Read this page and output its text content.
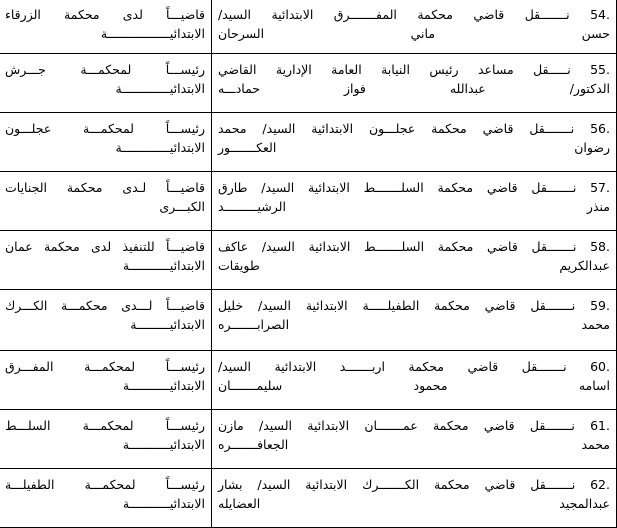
.54 نـــــــقل قاضي محكمة المفـــــــرق الابتدائية السيد/
حسن ماني السرحان	قاضيـــاً لدى محكمة الزرقاء
الابتدائيـــــــــــــــــة

.55 نـــــقل مساعد رئيس النيابة العامة الإدارية القاضي
الدكتور/ عبدالله فواز حمادـــه	رئيســـاً لمحكمـــة جـــرش
الابتدائيـــــــــــــة

.56 نـــــــقل قاضي محكمة عجلـــون الابتدائية السيد/ محمد
رضوان العكـــــــور	رئيســـاً لمحكمـــة عجلـــون
الابتدائيـــــــــــــة

.57 نـــــــقل قاضي محكمة السلـــــــط الابتدائية السيد/ طارق
منذر الرشيـــــــــد	قاضيـــاً لـدى محكمة الجنايات
الكبـــرى

.58 نـــــــقل قاضي محكمة السلـــــــط الابتدائية السيد/ عاكف
عبدالكريم طويقات	قاضيـــاً للتنفيذ لدى محكمة عمان
الابتدائيـــــــــــة

.59 نـــــــقل قاضي محكمة الطفيلـــــة الابتدائية السيد/ خليل
محمد الصرابـــــــره	قاضيـــاً لـــدى محكمـــة الكـــرك
الابتدائيـــــــــة

.60 نـــــــقل قاضي محكمة اربـــــــد الابتدائية السيد/
اسامه محمود سليمـــــــان	رئيســـاً لمحكمـــة المفـــرق
الابتدائيـــــــــــة

.61 نـــــــقل قاضي محكمة عمـــــــان الابتدائية السيد/ مازن
محمد الجعافـــــــره	رئيســـاً لمحكمـــة السلـــط
الابتدائيـــــــــــة

.62 نـــــــقل قاضي محكمة الكـــــــرك الابتدائية السيد/ بشار
عبدالمجيد العضايله	رئيســـاً لمحكمـــة الطفيلـــة
الابتدائيـــــــــــة
